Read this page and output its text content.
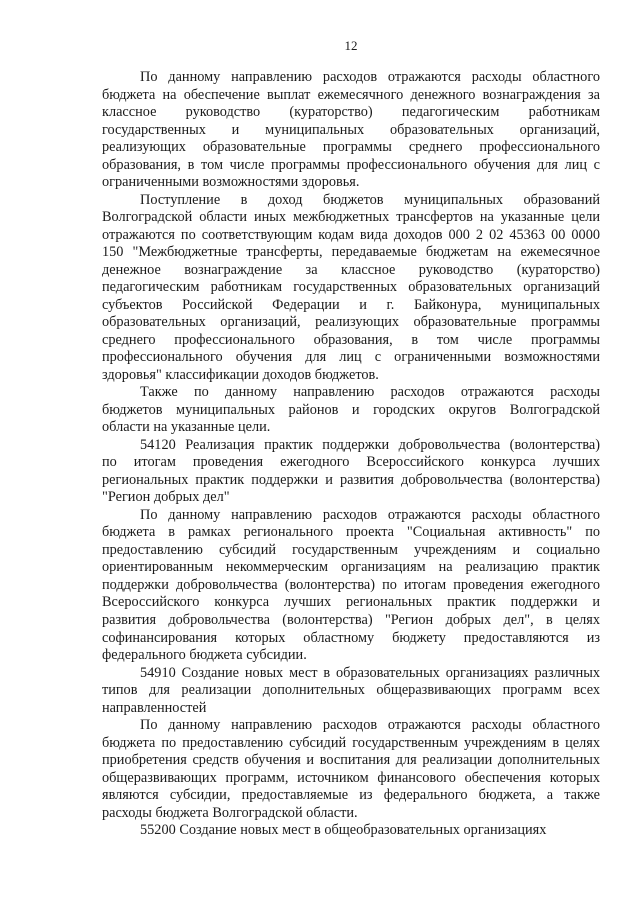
12
По данному направлению расходов отражаются расходы областного
бюджета на обеспечение выплат ежемесячного денежного вознаграждения за
классное руководство (кураторство) педагогическим работникам
государственных и муниципальных образовательных организаций,
реализующих образовательные программы среднего профессионального
образования, в том числе программы профессионального обучения для лиц с
ограниченными возможностями здоровья.
Поступление в доход бюджетов муниципальных образований
Волгоградской области иных межбюджетных трансфертов на указанные цели
отражаются по соответствующим кодам вида доходов 000 2 02 45363 00 0000
150 "Межбюджетные трансферты, передаваемые бюджетам на ежемесячное
денежное вознаграждение за классное руководство (кураторство)
педагогическим работникам государственных образовательных организаций
субъектов Российской Федерации и г. Байконура, муниципальных
образовательных организаций, реализующих образовательные программы
среднего профессионального образования, в том числе программы
профессионального обучения для лиц с ограниченными возможностями
здоровья" классификации доходов бюджетов.
Также по данному направлению расходов отражаются расходы
бюджетов муниципальных районов и городских округов Волгоградской
области на указанные цели.
54120 Реализация практик поддержки добровольчества (волонтерства)
по итогам проведения ежегодного Всероссийского конкурса лучших
региональных практик поддержки и развития добровольчества (волонтерства)
"Регион добрых дел"
По данному направлению расходов отражаются расходы областного
бюджета в рамках регионального проекта "Социальная активность" по
предоставлению субсидий государственным учреждениям и социально
ориентированным некоммерческим организациям на реализацию практик
поддержки добровольчества (волонтерства) по итогам проведения ежегодного
Всероссийского конкурса лучших региональных практик поддержки и
развития добровольчества (волонтерства) "Регион добрых дел", в целях
софинансирования которых областному бюджету предоставляются из
федерального бюджета субсидии.
54910 Создание новых мест в образовательных организациях различных
типов для реализации дополнительных общеразвивающих программ всех
направленностей
По данному направлению расходов отражаются расходы областного
бюджета по предоставлению субсидий государственным учреждениям в целях
приобретения средств обучения и воспитания для реализации дополнительных
общеразвивающих программ, источником финансового обеспечения которых
являются субсидии, предоставляемые из федерального бюджета, а также
расходы бюджета Волгоградской области.
55200 Создание новых мест в общеобразовательных организациях
